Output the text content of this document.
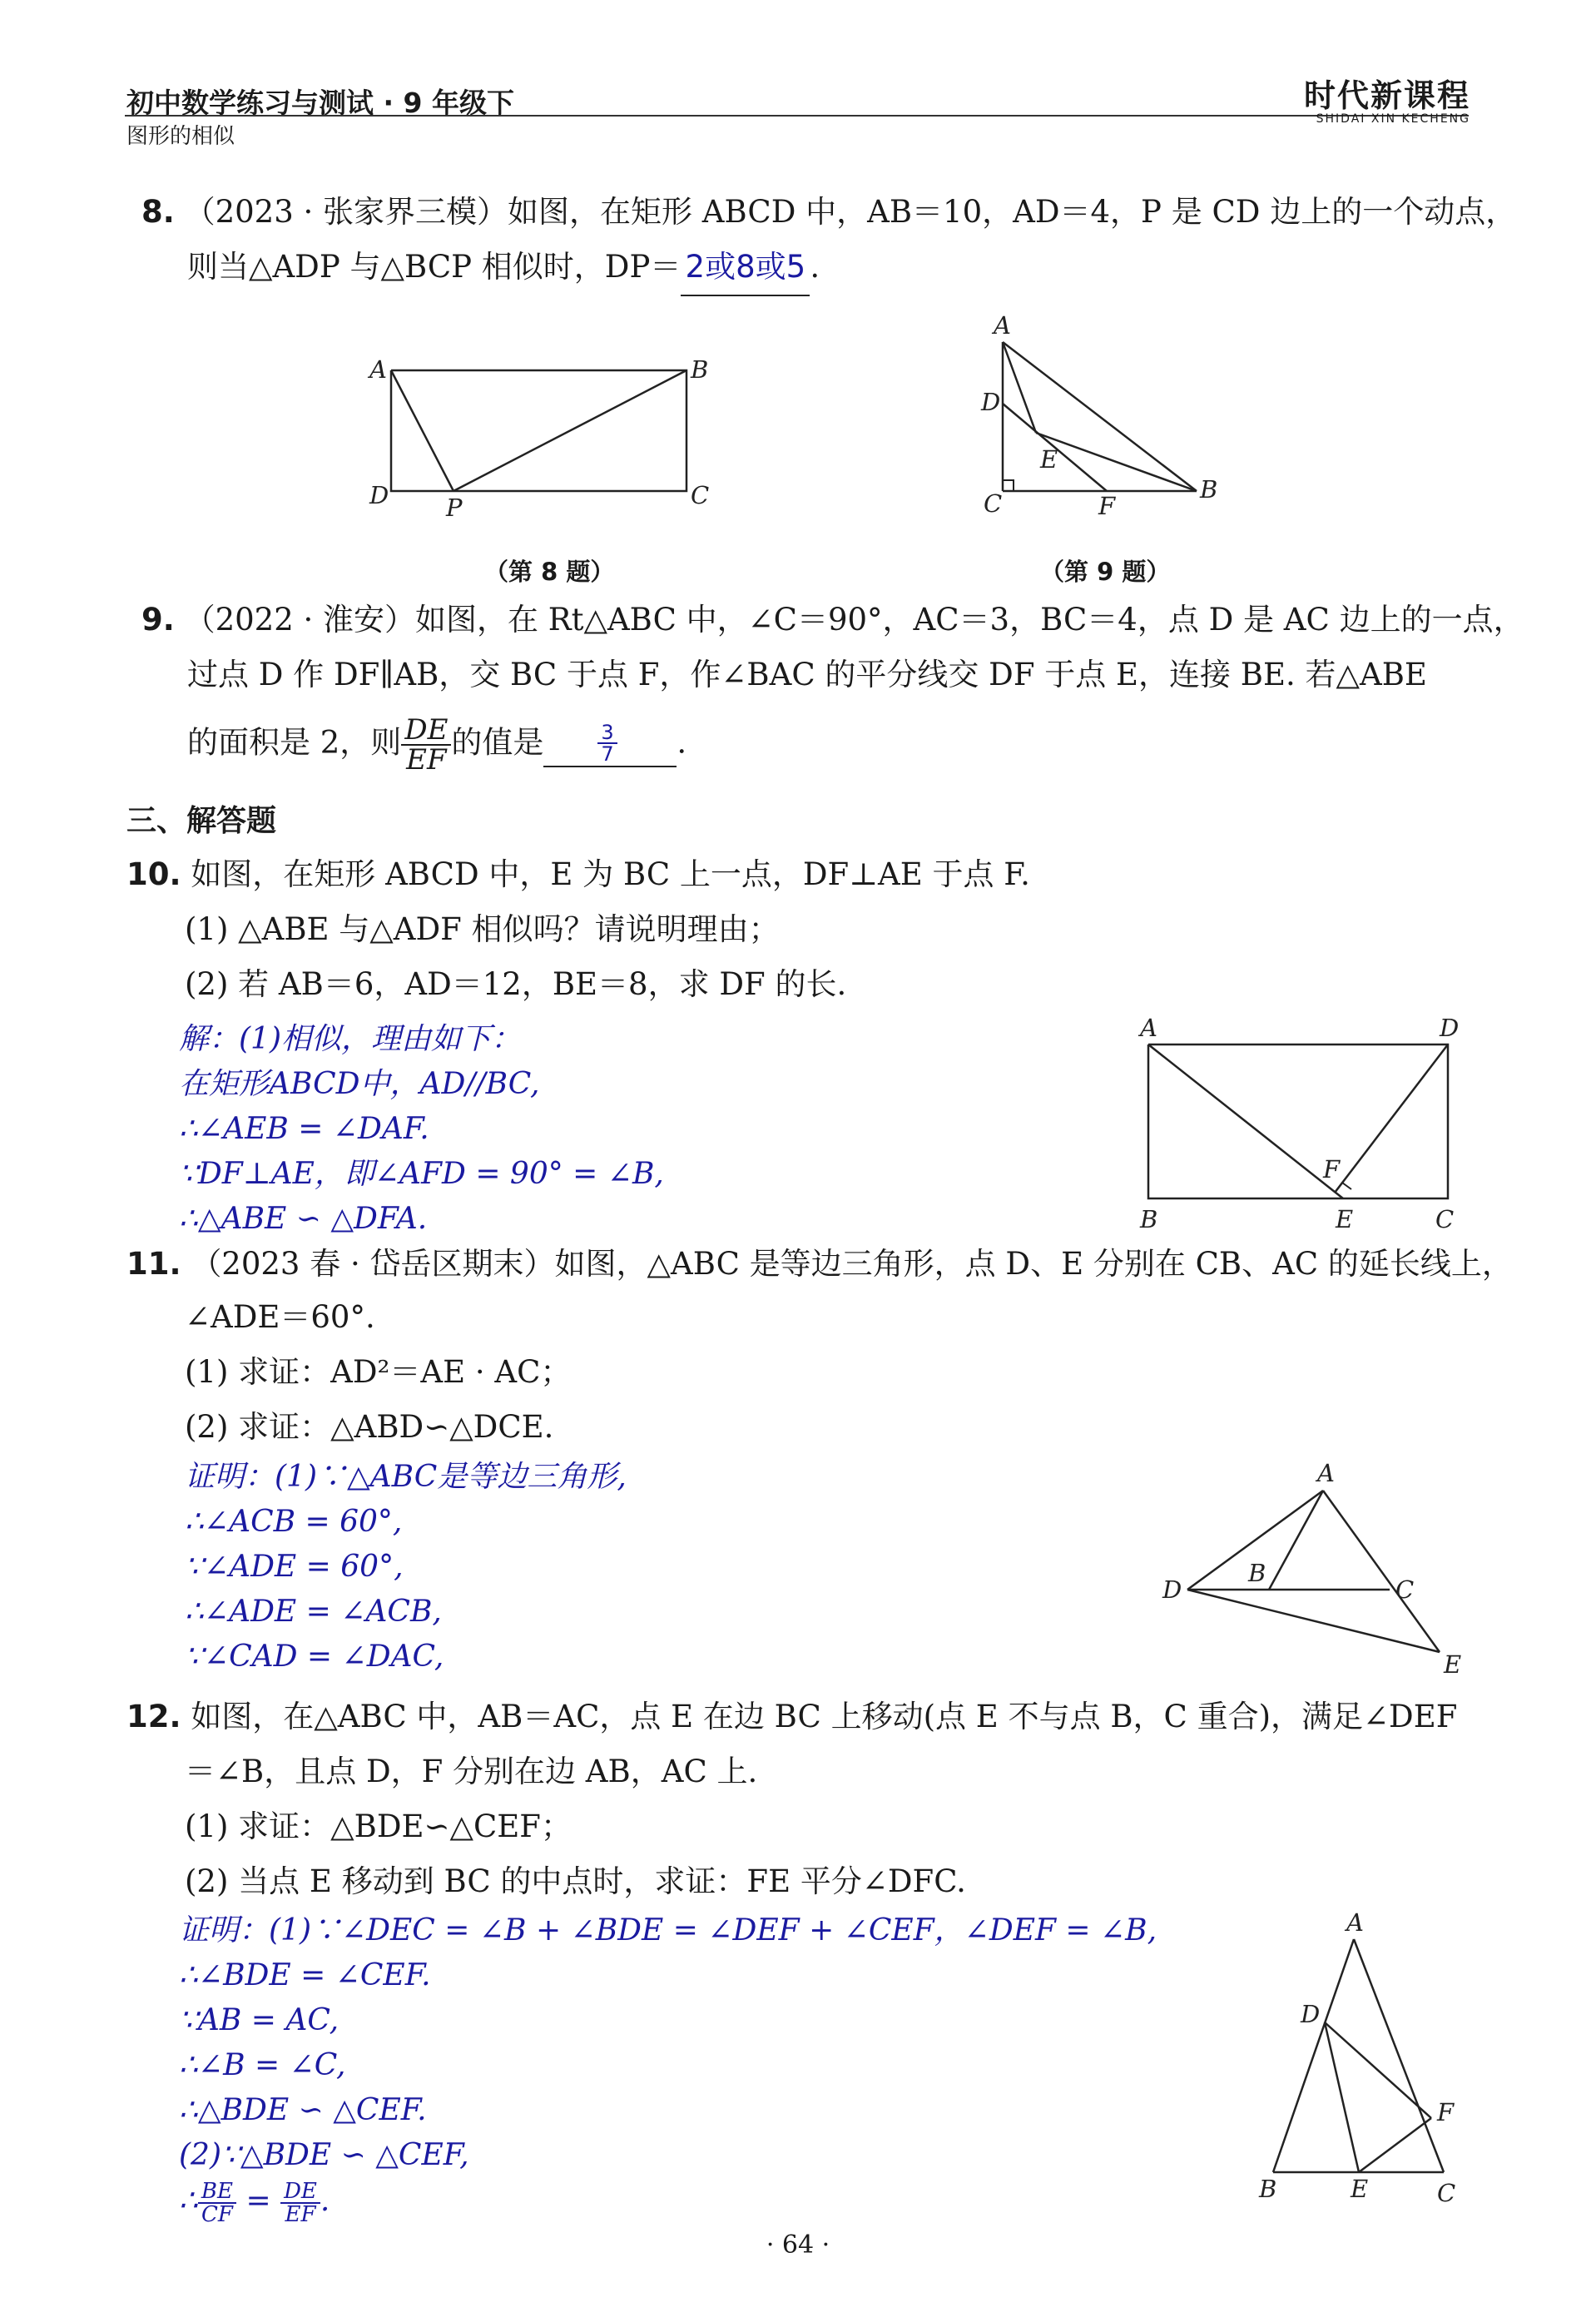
初中数学练习与测试 · 9 年级下
图形的相似
时代新课程
SHIDAI XIN KECHENG
8. （2023 · 张家界三模）如图，在矩形 ABCD 中，AB＝10，AD＝4，P 是 CD 边上的一个动点，
则当△ADP 与△BCP 相似时，DP＝ 2或8或5 .
A	B
C
D P
（第 8 题）
A
B
C
D
E
F
（第 9 题）
9. （2022 · 淮安）如图，在 Rt△ABC 中，∠C＝90°，AC＝3，BC＝4，点 D 是 AC 边上的一点，
过点 D 作 DF∥AB，交 BC 于点 F，作∠BAC 的平分线交 DF 于点 E，连接 BE. 若△ABE
的面积是 2，则 $\frac{DE}{EF}$ 的值是	$\frac{3}{7}$ .
三、解答题
10. 如图，在矩形 ABCD 中，E 为 BC 上一点，DF⊥AE 于点 F.
(1) △ABE 与△ADF 相似吗？请说明理由；
(2) 若 AB＝6，AD＝12，BE＝8，求 DF 的长.
解：(1)相似，理由如下：
在矩形ABCD中，AD//BC,
∴∠AEB = ∠DAF.
∵DF⊥AE，即∠AFD = 90° = ∠B,
∴△ABE ∽ △DFA.
A
B	C
D
E
F
11. （2023 春 · 岱岳区期末）如图，△ABC 是等边三角形，点 D、E 分别在 CB、AC 的延长线上，
∠ADE＝60°.
(1) 求证：AD²＝AE · AC；
(2) 求证：△ABD∽△DCE.
证明：(1)∵△ABC是等边三角形,
∴∠ACB = 60°,
∵∠ADE = 60°,
∴∠ADE = ∠ACB,
∵∠CAD = ∠DAC,
A
B
C
D
E
12. 如图，在△ABC 中，AB＝AC，点 E 在边 BC 上移动(点 E 不与点 B，C 重合)，满足∠DEF
＝∠B，且点 D，F 分别在边 AB，AC 上.
(1) 求证：△BDE∽△CEF；
(2) 当点 E 移动到 BC 的中点时，求证：FE 平分∠DFC.
证明：(1)∵∠DEC = ∠B + ∠BDE = ∠DEF + ∠CEF，∠DEF = ∠B,
∴∠BDE = ∠CEF.
∵AB = AC,
∴∠B = ∠C,
∴△BDE ∽ △CEF.
(2)∵△BDE ∽ △CEF,
∴ $\frac{BE}{CF} = \frac{DE}{EF}$ .
A
B	C
D
E
F
· 64 ·
